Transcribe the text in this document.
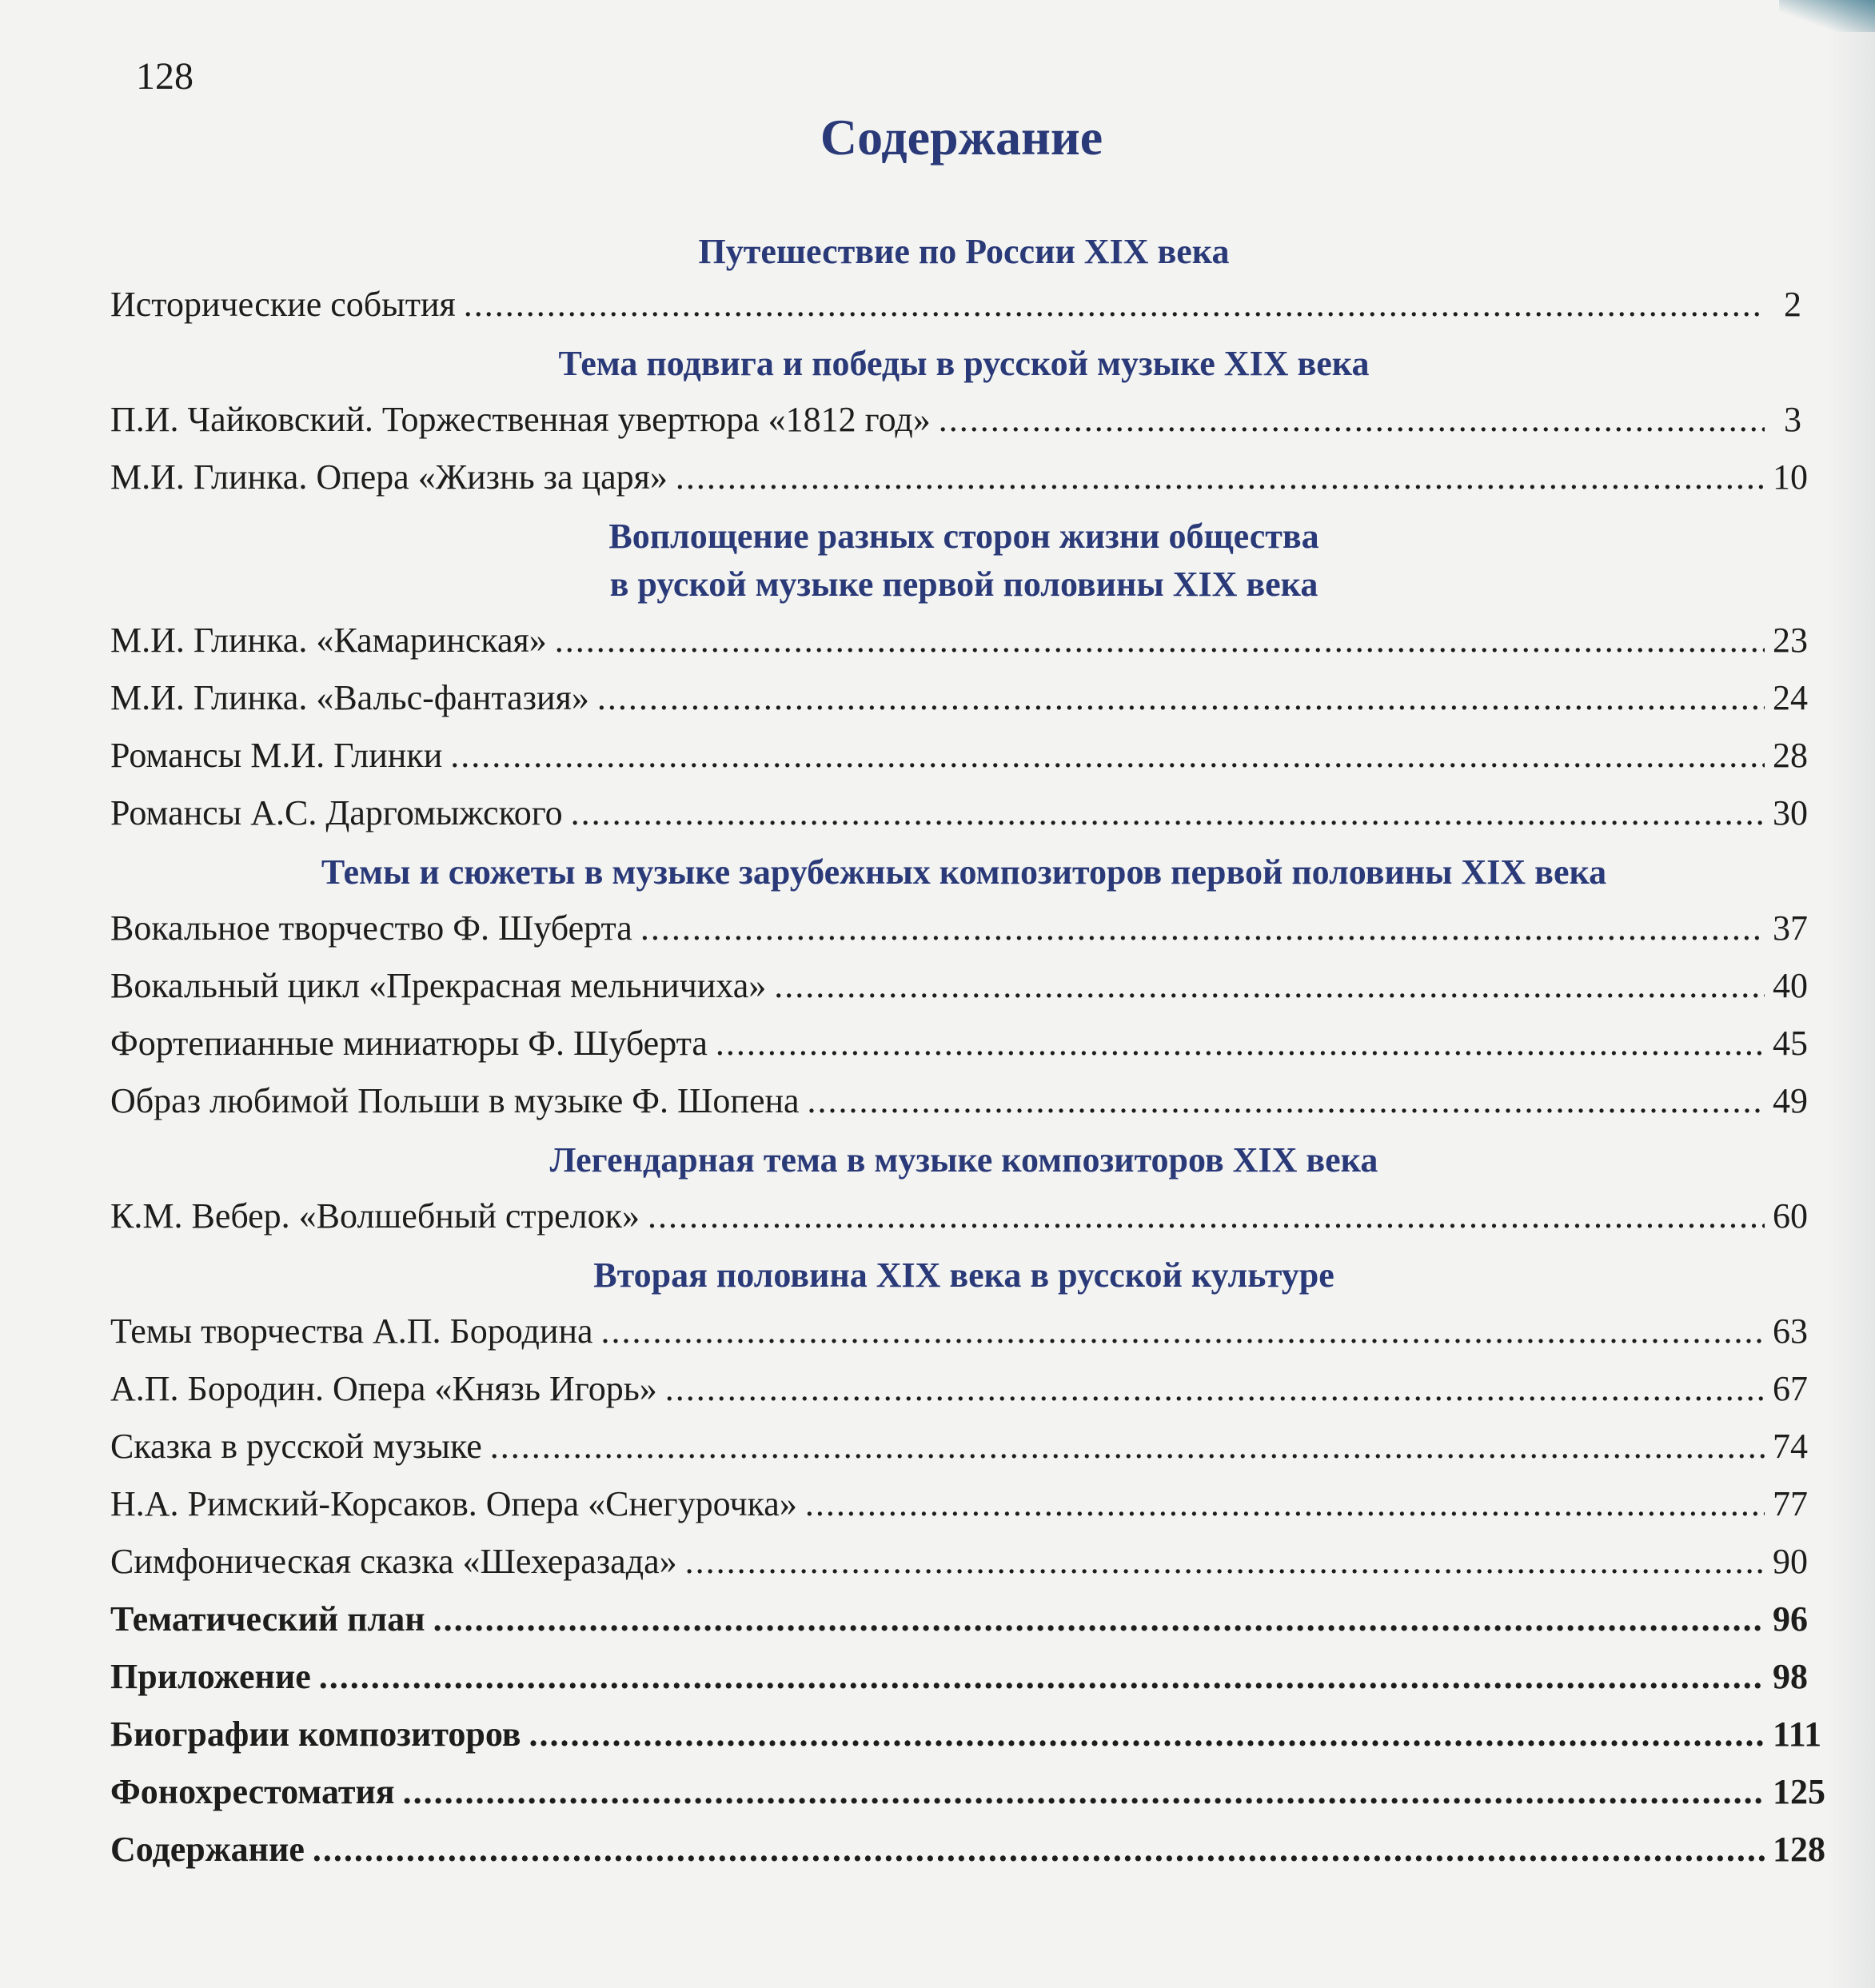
128
Содержание
Путешествие по России XIX века
Исторические события .....	2
Тема подвига и победы в русской музыке XIX века
П.И. Чайковский. Торжественная увертюра «1812 год» .....	3
М.И. Глинка. Опера «Жизнь за царя» .....	10
Воплощение разных сторон жизни общества
в руской музыке первой половины XIX века
М.И. Глинка. «Камаринская» .....	23
М.И. Глинка. «Вальс-фантазия» .....	24
Романсы М.И. Глинки .....	28
Романсы А.С. Даргомыжского .....	30
Темы и сюжеты в музыке зарубежных композиторов первой половины XIX века
Вокальное творчество Ф. Шуберта .....	37
Вокальный цикл «Прекрасная мельничиха» .....	40
Фортепианные миниатюры Ф. Шуберта .....	45
Образ любимой Польши в музыке Ф. Шопена .....	49
Легендарная тема в музыке композиторов XIX века
К.М. Вебер. «Волшебный стрелок» .....	60
Вторая половина XIX века в русской культуре
Темы творчества А.П. Бородина .....	63
А.П. Бородин. Опера «Князь Игорь» .....	67
Сказка в русской музыке .....	74
Н.А. Римский-Корсаков. Опера «Снегурочка» .....	77
Симфоническая сказка «Шехеразада» .....	90
Тематический план .....	96
Приложение .....	98
Биографии композиторов .....	111
Фонохрестоматия .....	125
Содержание .....	128
